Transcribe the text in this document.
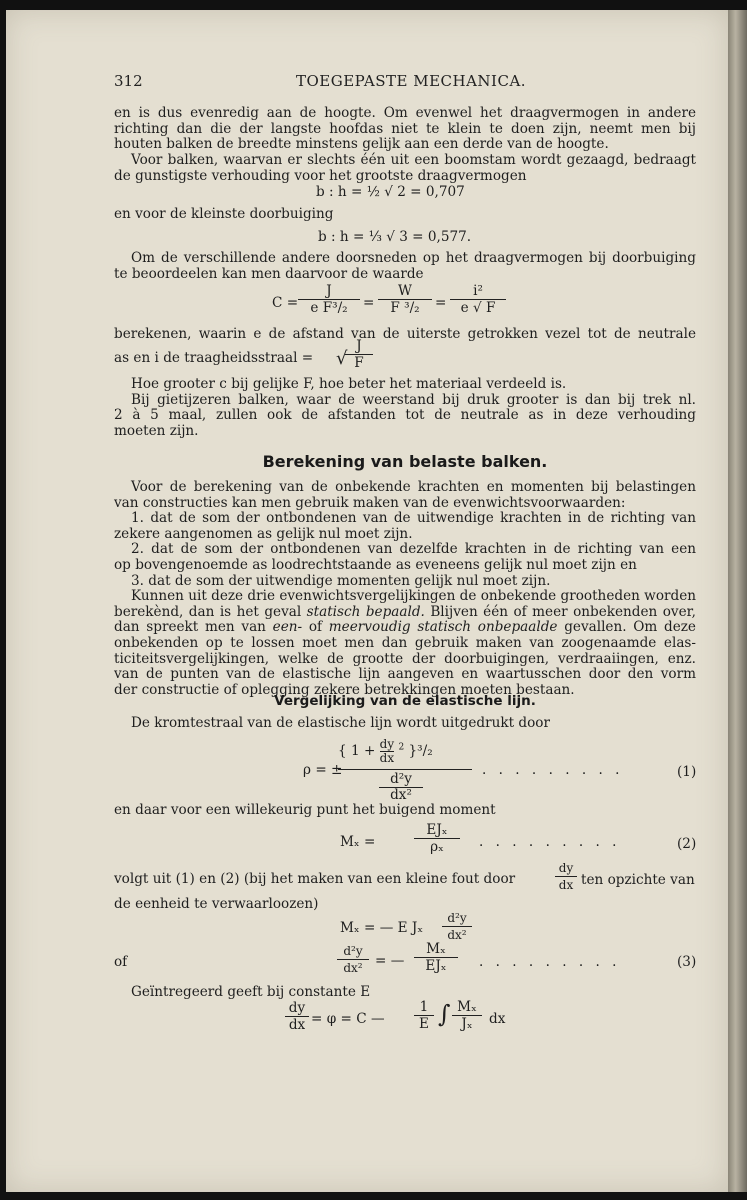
312	TOEGEPASTE MECHANICA.
en is dus evenredig aan de hoogte. Om evenwel het draagvermogen in andere
richting dan die der langste hoofdas niet te klein te doen zijn, neemt men bij
houten balken de breedte minstens gelijk aan een derde van de hoogte.
Voor balken, waarvan er slechts één uit een boomstam wordt gezaagd, bedraagt
de gunstigste verhouding voor het grootste draagvermogen
b : h = ½ √ 2 = 0,707
en voor de kleinste doorbuiging
b : h = ⅓ √ 3 = 0,577.
Om de verschillende andere doorsneden op het draagvermogen bij doorbuiging
te beoordeelen kan men daarvoor de waarde
$C = \frac{J}{\text{e F³/₂}} = \frac{W}{\text{F ³/₂}} = \frac{\text{i²}}{e √ F}$
berekenen, waarin e de afstand van de uiterste getrokken vezel tot de neutrale
as en i de traagheidsstraal =	$\frac{J}{F}$
√
Hoe grooter c bij gelijke F, hoe beter het materiaal verdeeld is.
Bij gietijzeren balken, waar de weerstand bij druk grooter is dan bij trek nl.
2 à 5 maal, zullen ook de afstanden tot de neutrale as in deze verhouding
moeten zijn.
Berekening van belaste balken.
Voor de berekening van de onbekende krachten en momenten bij belastingen
van constructies kan men gebruik maken van de evenwichtsvoorwaarden:
1. dat de som der ontbondenen van de uitwendige krachten in de richting van
zekere aangenomen as gelijk nul moet zijn.
2. dat de som der ontbondenen van dezelfde krachten in de richting van een
op bovengenoemde as loodrechtstaande as eveneens gelijk nul moet zijn en
3. dat de som der uitwendige momenten gelijk nul moet zijn.
Kunnen uit deze drie evenwichtsvergelijkingen de onbekende grootheden worden
berekènd, dan is het geval statisch bepaald. Blijven één of meer onbekenden over,
dan spreekt men van een- of meervoudig statisch onbepaalde gevallen. Om deze
onbekenden op te lossen moet men dan gebruik maken van zoogenaamde elas-
ticiteitsvergelijkingen, welke de grootte der doorbuigingen, verdraaiingen, enz.
van de punten van de elastische lijn aangeven en waartusschen door den vorm
der constructie of oplegging zekere betrekkingen moeten bestaan.
Vergelijking van de elastische lijn.
De kromtestraal van de elastische lijn wordt uitgedrukt door
ρ = ±
{ $1 + \frac{dy}{dx} ^2$ }³/₂
$\frac{\text{d²y}}{\text{dx²}}$	· · · · · · · · ·	(1)
en daar voor een willekeurig punt het buigend moment
Mₓ =
EJₓ
ρₓ	· · · · · · · · ·	(2)
volgt uit (1) en (2) (bij het maken van een kleine fout door	$\frac{dy}{dx}$ ten opzichte van
de eenheid te verwaarloozen)
Mₓ = — E Jₓ $\frac{\text{d²y}}{\text{dx²}}$
of	$\frac{\text{d²y}}{\text{dx²}}$ = —
Mₓ
EJₓ	· · · · · · · · ·	(3)
Geïntregeerd geeft bij constante E
$\frac{dy}{dx} = \varphi = C$ — $\frac{1}{E}$ ∫ $\frac{\text{Mₓ}}{\text{Jₓ}}$ dx
